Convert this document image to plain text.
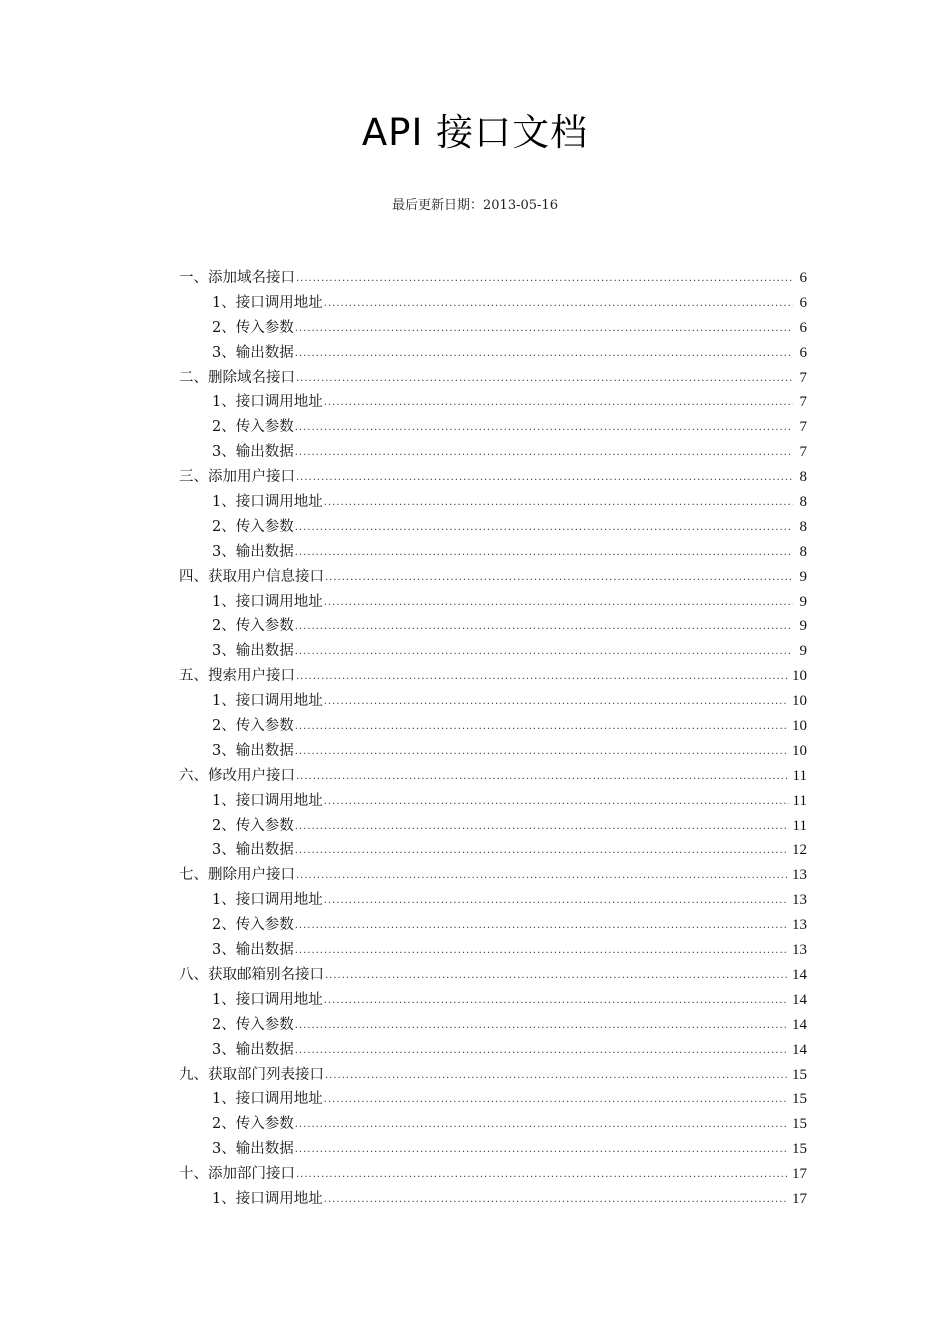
API 接口文档
最后更新日期：2013-05-16
一、添加域名接口 .....	6
1、接口调用地址 .....	6
2、传入参数 .....	6
3、输出数据 .....	6
二、删除域名接口 .....	7
1、接口调用地址 .....	7
2、传入参数 .....	7
3、输出数据 .....	7
三、添加用户接口 .....	8
1、接口调用地址 .....	8
2、传入参数 .....	8
3、输出数据 .....	8
四、获取用户信息接口 .....	9
1、接口调用地址 .....	9
2、传入参数 .....	9
3、输出数据 .....	9
五、搜索用户接口 .....	10
1、接口调用地址 .....	10
2、传入参数 .....	10
3、输出数据 .....	10
六、修改用户接口 .....	11
1、接口调用地址 .....	11
2、传入参数 .....	11
3、输出数据 .....	12
七、删除用户接口 .....	13
1、接口调用地址 .....	13
2、传入参数 .....	13
3、输出数据 .....	13
八、获取邮箱别名接口 .....	14
1、接口调用地址 .....	14
2、传入参数 .....	14
3、输出数据 .....	14
九、获取部门列表接口 .....	15
1、接口调用地址 .....	15
2、传入参数 .....	15
3、输出数据 .....	15
十、添加部门接口 .....	17
1、接口调用地址 .....	17
